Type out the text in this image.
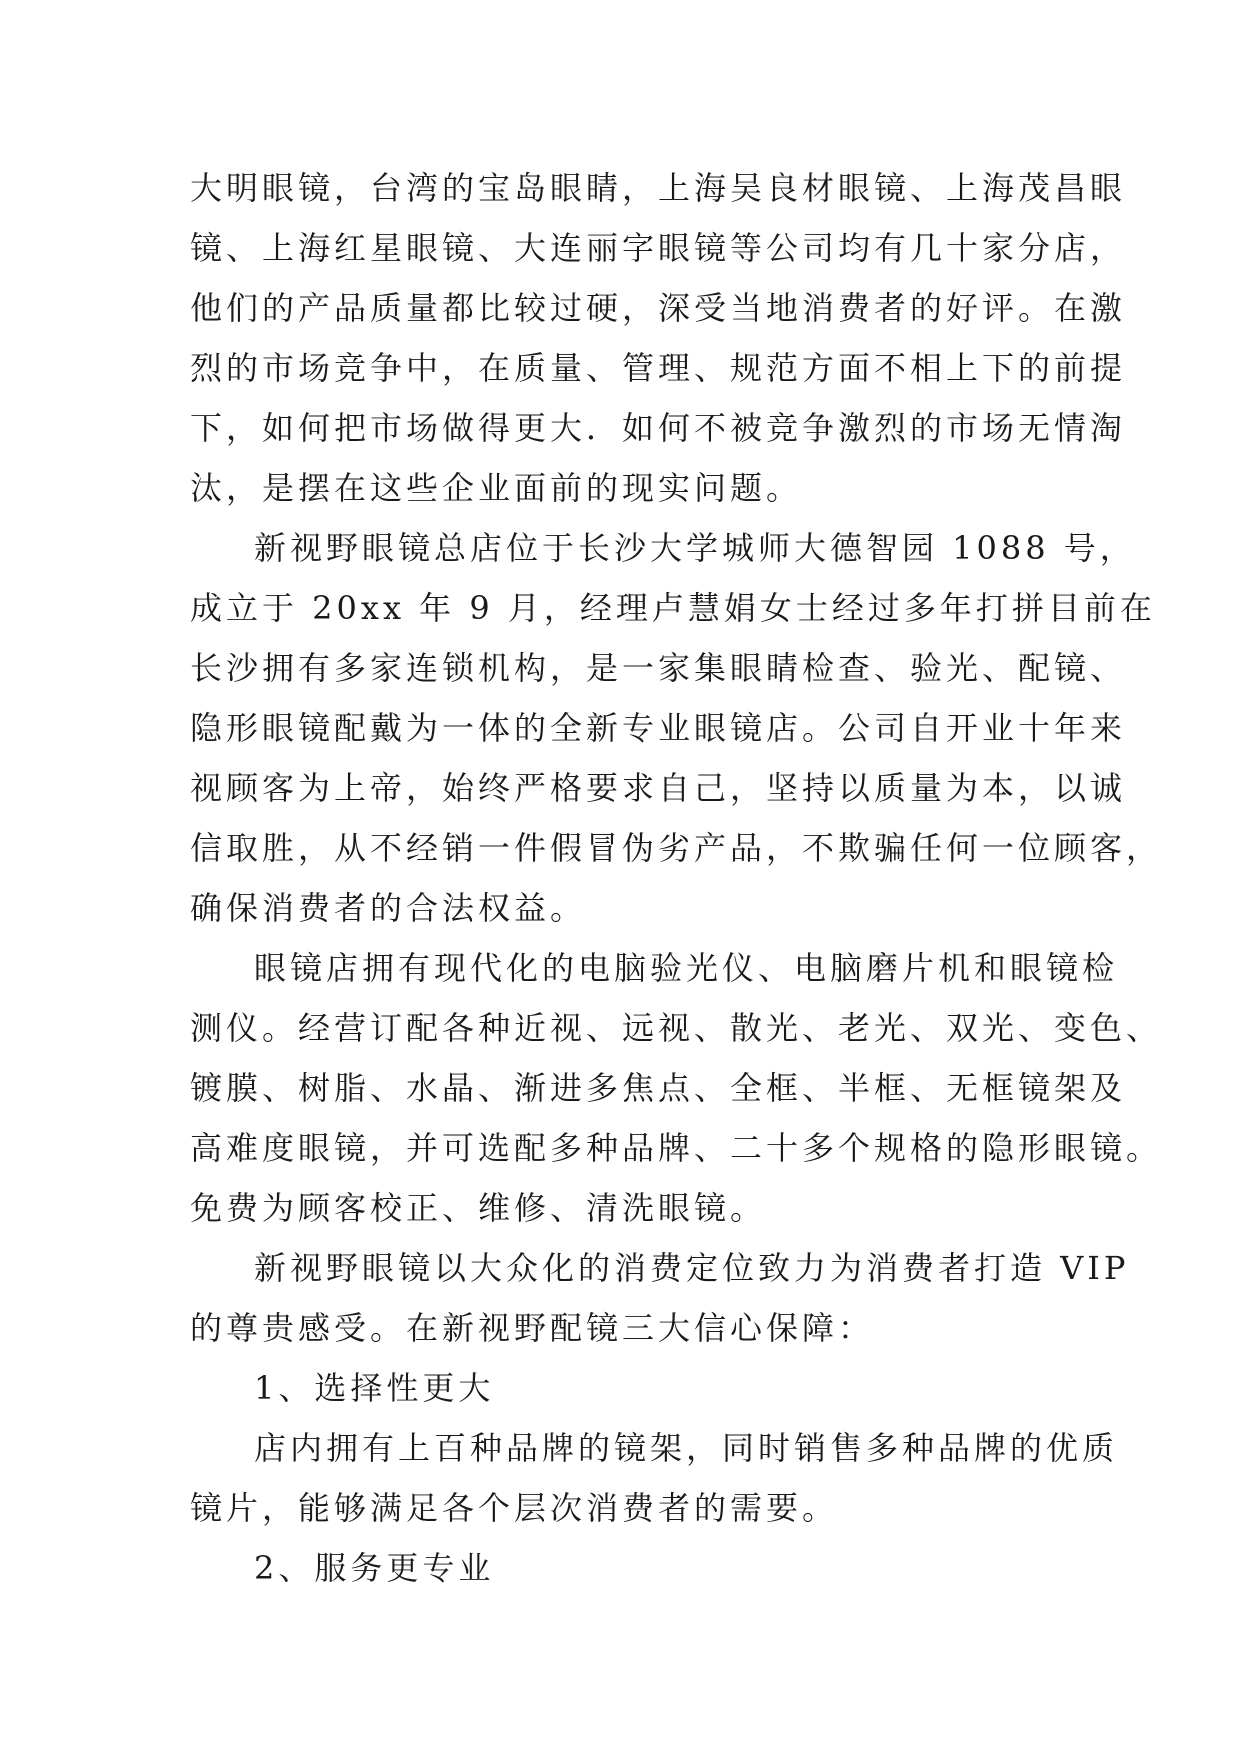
大明眼镜，台湾的宝岛眼睛，上海吴良材眼镜、上海茂昌眼
镜、上海红星眼镜、大连丽字眼镜等公司均有几十家分店，
他们的产品质量都比较过硬，深受当地消费者的好评。在激
烈的市场竞争中，在质量、管理、规范方面不相上下的前提
下，如何把市场做得更大．如何不被竞争激烈的市场无情淘
汰，是摆在这些企业面前的现实问题。
新视野眼镜总店位于长沙大学城师大德智园 1088 号，
成立于 20xx 年 9 月，经理卢慧娟女士经过多年打拼目前在
长沙拥有多家连锁机构，是一家集眼睛检查、验光、配镜、
隐形眼镜配戴为一体的全新专业眼镜店。公司自开业十年来
视顾客为上帝，始终严格要求自己，坚持以质量为本，以诚
信取胜，从不经销一件假冒伪劣产品，不欺骗任何一位顾客，
确保消费者的合法权益。
眼镜店拥有现代化的电脑验光仪、电脑磨片机和眼镜检
测仪。经营订配各种近视、远视、散光、老光、双光、变色、
镀膜、树脂、水晶、渐进多焦点、全框、半框、无框镜架及
高难度眼镜，并可选配多种品牌、二十多个规格的隐形眼镜。
免费为顾客校正、维修、清洗眼镜。
新视野眼镜以大众化的消费定位致力为消费者打造 VIP
的尊贵感受。在新视野配镜三大信心保障：
1、选择性更大
店内拥有上百种品牌的镜架，同时销售多种品牌的优质
镜片，能够满足各个层次消费者的需要。
2、服务更专业
